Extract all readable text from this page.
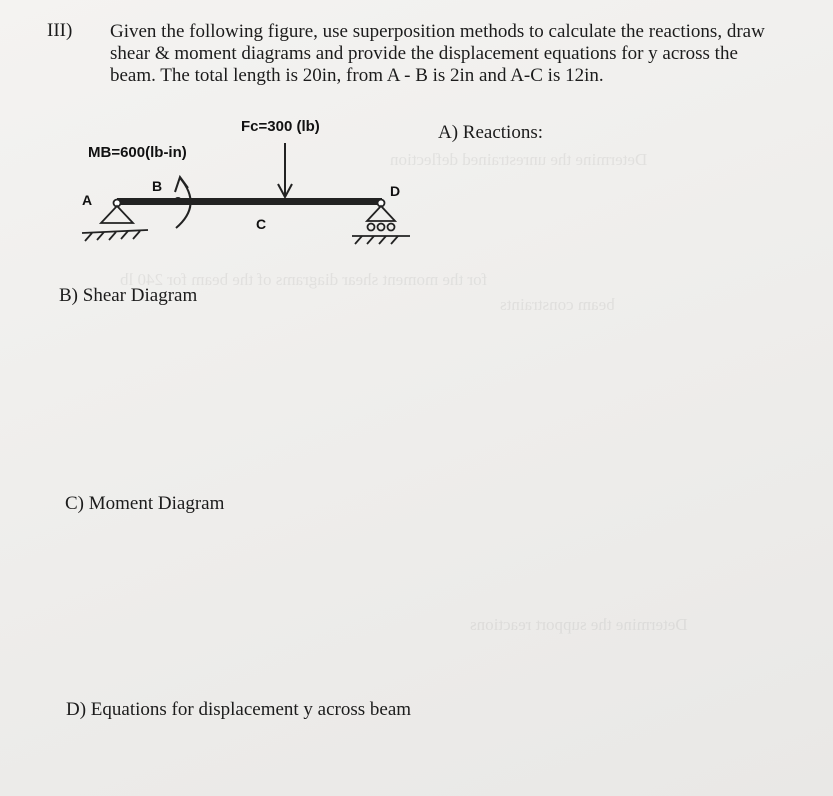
Determine the unrestrained deflection
for the moment shear diagrams of the beam for 240 lb
beam constraints
Determine the support reactions
III) Given the following figure, use superposition methods to calculate the reactions, draw
shear & moment diagrams and provide the displacement equations for y across the
beam. The total length is 20in, from A - B is 2in and A-C is 12in.
Fc=300 (lb)
MB=600(lb-in)
A
B
C
D
A) Reactions:
B) Shear Diagram
C) Moment Diagram
D) Equations for displacement y across beam
